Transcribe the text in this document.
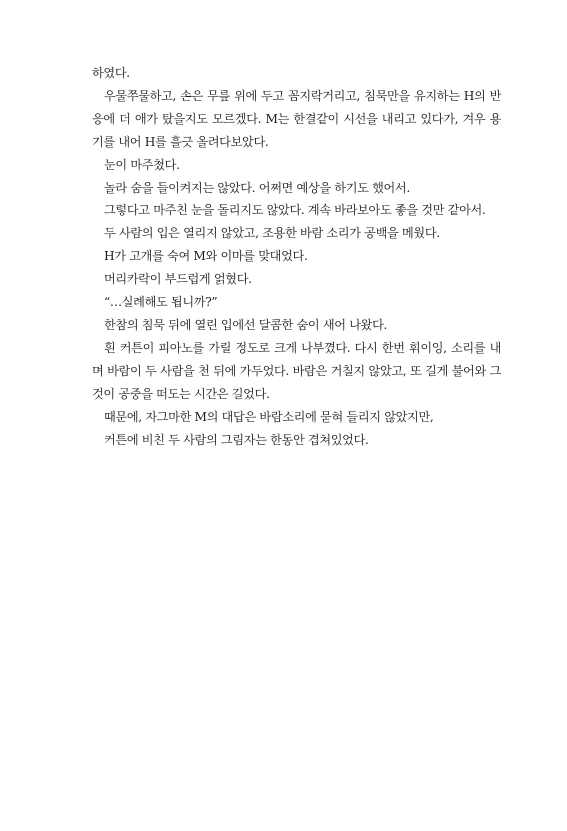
하였다.

우물쭈물하고, 손은 무릎 위에 두고 꼼지락거리고, 침묵만을 유지하는 H의 반응에 더 애가 탔을지도 모르겠다. M는 한결같이 시선을 내리고 있다가, 겨우 용기를 내어 H를 흘긋 올려다보았다.

눈이 마주쳤다.

놀라 숨을 들이켜지는 않았다. 어쩌면 예상을 하기도 했어서.

그렇다고 마주친 눈을 돌리지도 않았다. 계속 바라보아도 좋을 것만 같아서.

두 사람의 입은 열리지 않았고, 조용한 바람 소리가 공백을 메웠다.

H가 고개를 숙여 M와 이마를 맞대었다.

머리카락이 부드럽게 얽혔다.

“…실례해도 됩니까?”

한참의 침묵 뒤에 열린 입에선 달콤한 숨이 새어 나왔다.

흰 커튼이 피아노를 가릴 정도로 크게 나부꼈다. 다시 한번 휘이잉, 소리를 내며 바람이 두 사람을 천 뒤에 가두었다. 바람은 거칠지 않았고, 또 길게 불어와 그것이 공중을 떠도는 시간은 길었다.

때문에, 자그마한 M의 대답은 바람소리에 묻혀 들리지 않았지만,

커튼에 비친 두 사람의 그림자는 한동안 겹쳐있었다.
